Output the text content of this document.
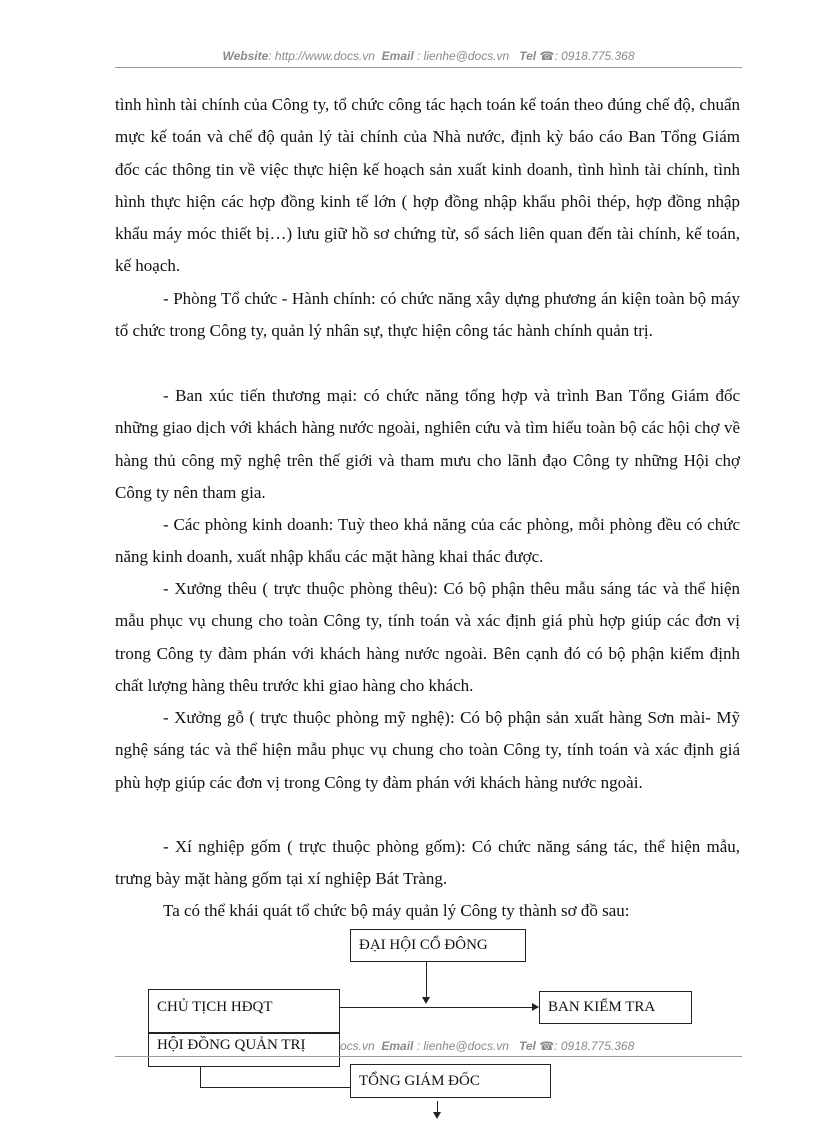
Website: http://www.docs.vn Email : lienhe@docs.vn Tel ☎: 0918.775.368

tình hình tài chính của Công ty, tổ chức công tác hạch toán kế toán theo đúng chế độ, chuẩn mực kế toán và chế độ quản lý tài chính của Nhà nước, định kỳ báo cáo Ban Tổng Giám đốc các thông tin về việc thực hiện kế hoạch sản xuất kinh doanh, tình hình tài chính, tình hình thực hiện các hợp đồng kinh tế lớn ( hợp đồng nhập khẩu phôi thép, hợp đồng nhập khẩu máy móc thiết bị…) lưu giữ hồ sơ chứng từ, sổ sách liên quan đến tài chính, kế toán, kế hoạch.

- Phòng Tổ chức - Hành chính: có chức năng xây dựng phương án kiện toàn bộ máy tổ chức trong Công ty, quản lý nhân sự, thực hiện công tác hành chính quản trị.

- Ban xúc tiến thương mại: có chức năng tổng hợp và trình Ban Tổng Giám đốc những giao dịch với khách hàng nước ngoài, nghiên cứu và tìm hiểu toàn bộ các hội chợ về hàng thủ công mỹ nghệ trên thế giới và tham mưu cho lãnh đạo Công ty những Hội chợ Công ty nên tham gia.

- Các phòng kinh doanh: Tuỳ theo khả năng của các phòng, mỗi phòng đều có chức năng kinh doanh, xuất nhập khẩu các mặt hàng khai thác được.

- Xưởng thêu ( trực thuộc phòng thêu): Có bộ phận thêu mẫu sáng tác và thể hiện mẫu phục vụ chung cho toàn Công ty, tính toán và xác định giá phù hợp giúp các đơn vị trong Công ty đàm phán với khách hàng nước ngoài. Bên cạnh đó có bộ phận kiểm định chất lượng hàng thêu trước khi giao hàng cho khách.

- Xưởng gỗ ( trực thuộc phòng mỹ nghệ): Có bộ phận sản xuất hàng Sơn mài- Mỹ nghệ sáng tác và thể hiện mẫu phục vụ chung cho toàn Công ty, tính toán và xác định giá phù hợp giúp các đơn vị trong Công ty đàm phán với khách hàng nước ngoài.

- Xí nghiệp gốm ( trực thuộc phòng gốm): Có chức năng sáng tác, thể hiện mẫu, trưng bày mặt hàng gốm tại xí nghiệp Bát Tràng.

Ta có thể khái quát tổ chức bộ máy quản lý Công ty thành sơ đồ sau:

ĐẠI HỘI CỔ ĐÔNG
CHỦ TỊCH HĐQT	BAN KIỂM TRA
HỘI ĐỒNG QUẢN TRỊ	ocs.vn Email : lienhe@docs.vn Tel ☎: 0918.775.368
TỔNG GIÁM ĐỐC
